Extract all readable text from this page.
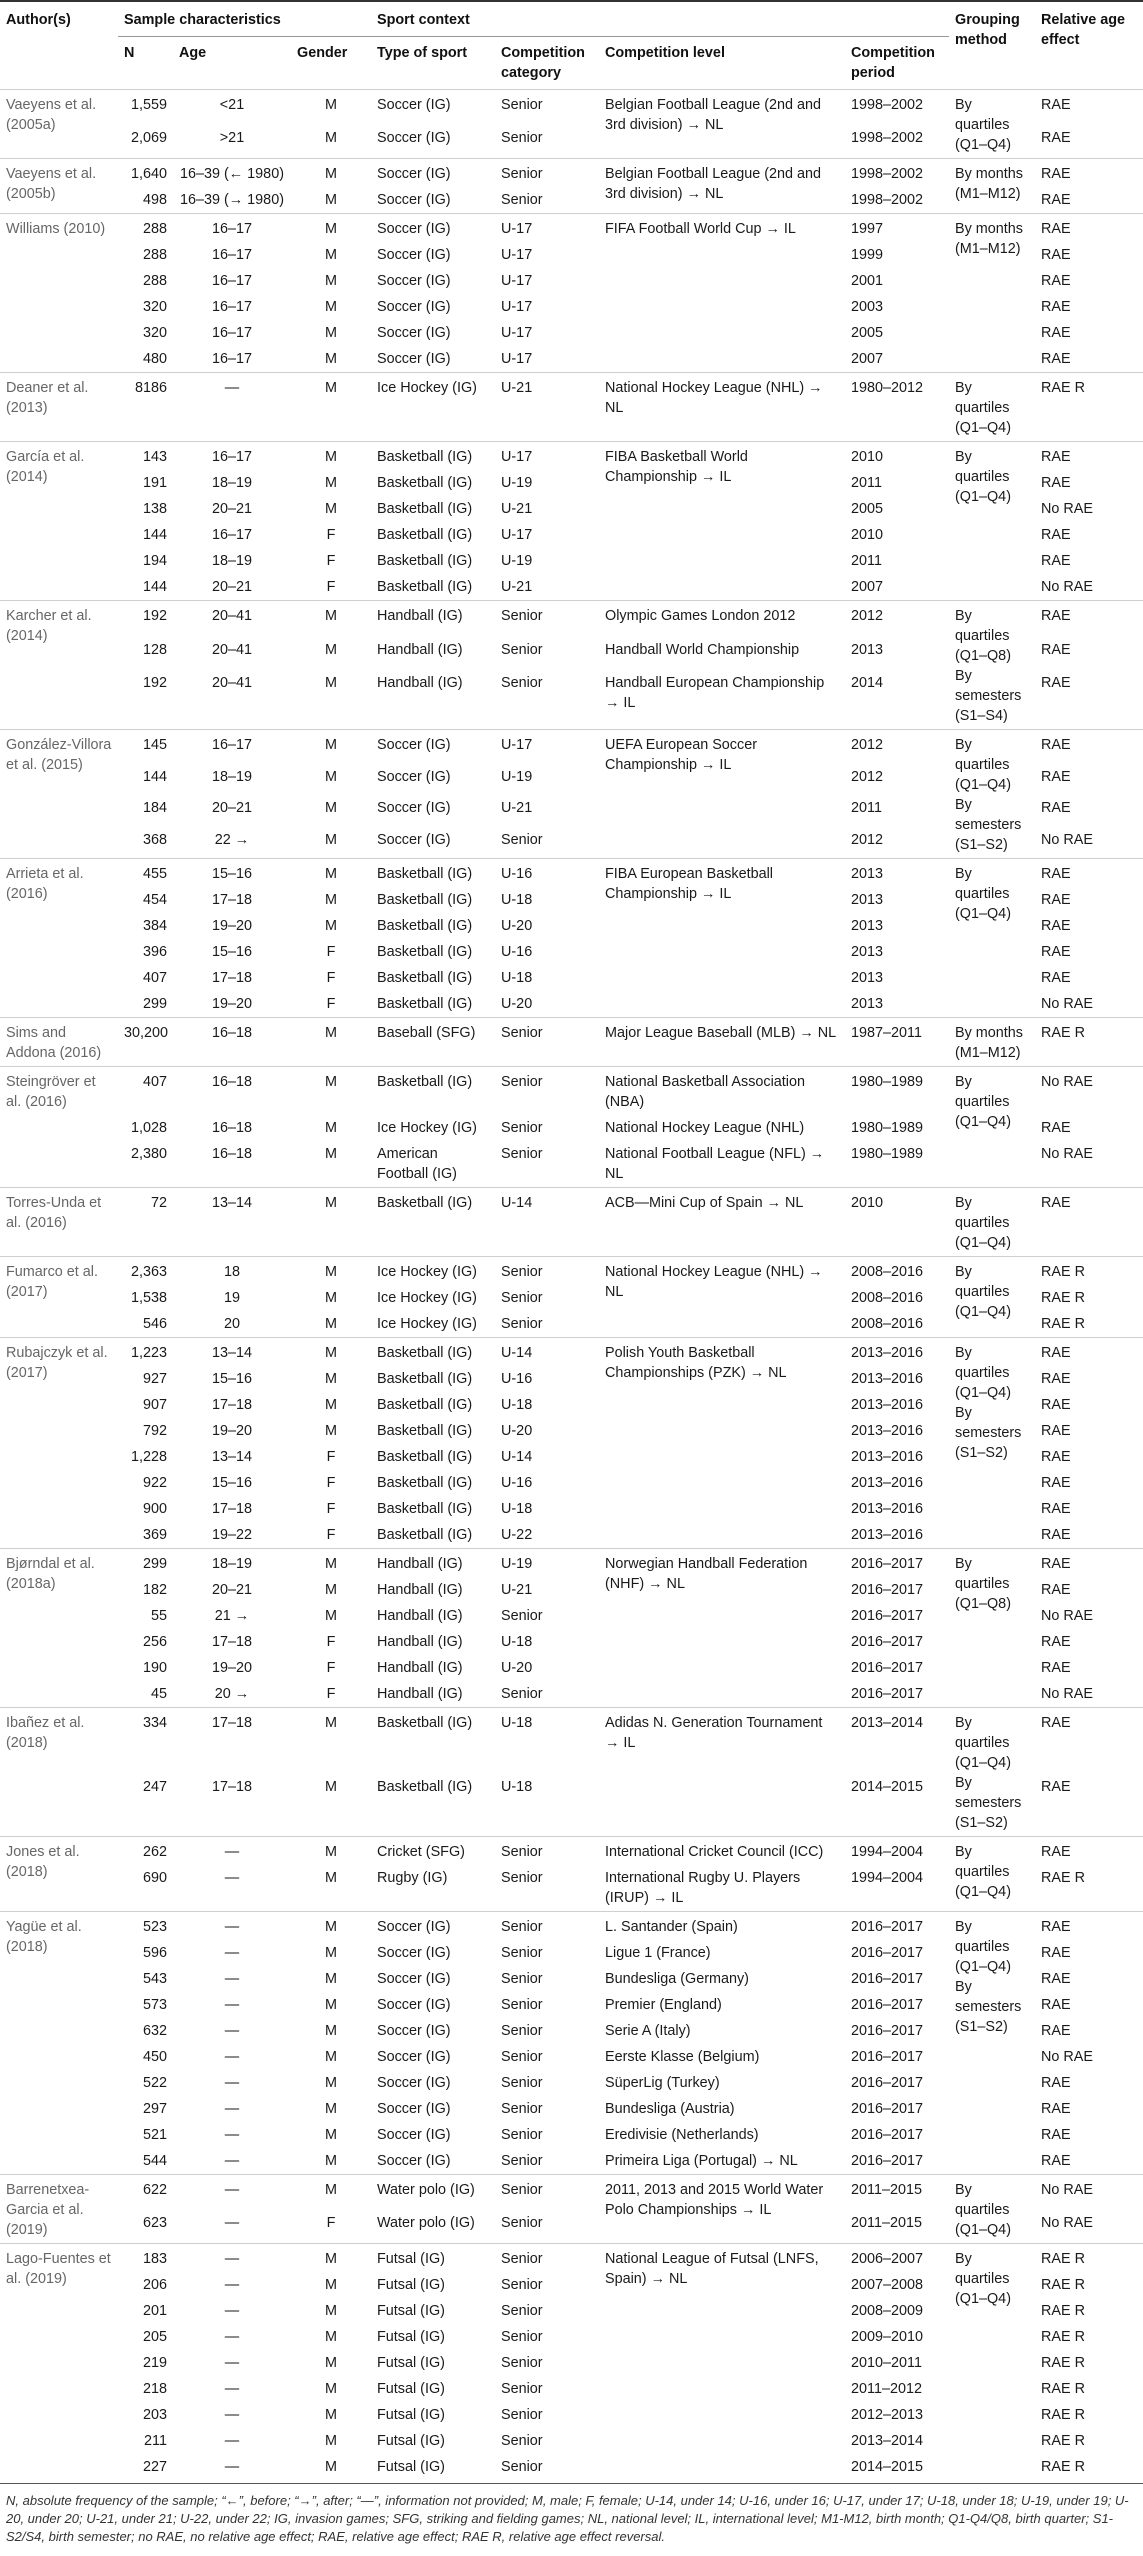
Author(s)	Sample characteristics			Sport context				Grouping method	Relative age effect
	N	Age	Gender	Type of sport	Competition category	Competition level	Competition period		
Vaeyens et al. (2005a)	1,559	<21	M	Soccer (IG)	Senior	Belgian Football League (2nd and 3rd division) → NL	1998–2002	By quartiles (Q1–Q4)	RAE
	2,069	>21	M	Soccer (IG)	Senior		1998–2002		RAE
Vaeyens et al. (2005b)	1,640	16–39 (← 1980)	M	Soccer (IG)	Senior	Belgian Football League (2nd and 3rd division) → NL	1998–2002	By months (M1–M12)	RAE
	498	16–39 (→ 1980)	M	Soccer (IG)	Senior		1998–2002		RAE
Williams (2010)	288	16–17	M	Soccer (IG)	U-17	FIFA Football World Cup → IL	1997	By months (M1–M12)	RAE
	288	16–17	M	Soccer (IG)	U-17		1999		RAE
	288	16–17	M	Soccer (IG)	U-17		2001		RAE
	320	16–17	M	Soccer (IG)	U-17		2003		RAE
	320	16–17	M	Soccer (IG)	U-17		2005		RAE
	480	16–17	M	Soccer (IG)	U-17		2007		RAE
Deaner et al. (2013)	8186	—	M	Ice Hockey (IG)	U-21	National Hockey League (NHL) → NL	1980–2012	By quartiles (Q1–Q4)	RAE R
García et al. (2014)	143	16–17	M	Basketball (IG)	U-17	FIBA Basketball World Championship → IL	2010	By quartiles (Q1–Q4)	RAE
	191	18–19	M	Basketball (IG)	U-19		2011		RAE
	138	20–21	M	Basketball (IG)	U-21		2005		No RAE
	144	16–17	F	Basketball (IG)	U-17		2010		RAE
	194	18–19	F	Basketball (IG)	U-19		2011		RAE
	144	20–21	F	Basketball (IG)	U-21		2007		No RAE
Karcher et al. (2014)	192	20–41	M	Handball (IG)	Senior	Olympic Games London 2012	2012	By quartiles (Q1–Q8) By semesters (S1–S4)	RAE
	128	20–41	M	Handball (IG)	Senior	Handball World Championship	2013		RAE
	192	20–41	M	Handball (IG)	Senior	Handball European Championship → IL	2014		RAE
González-Villora et al. (2015)	145	16–17	M	Soccer (IG)	U-17	UEFA European Soccer Championship → IL	2012	By quartiles (Q1–Q4) By semesters (S1–S2)	RAE
	144	18–19	M	Soccer (IG)	U-19		2012		RAE
	184	20–21	M	Soccer (IG)	U-21		2011		RAE
	368	22 →	M	Soccer (IG)	Senior		2012		No RAE
Arrieta et al. (2016)	455	15–16	M	Basketball (IG)	U-16	FIBA European Basketball Championship → IL	2013	By quartiles (Q1–Q4)	RAE
	454	17–18	M	Basketball (IG)	U-18		2013		RAE
	384	19–20	M	Basketball (IG)	U-20		2013		RAE
	396	15–16	F	Basketball (IG)	U-16		2013		RAE
	407	17–18	F	Basketball (IG)	U-18		2013		RAE
	299	19–20	F	Basketball (IG)	U-20		2013		No RAE
Sims and Addona (2016)	30,200	16–18	M	Baseball (SFG)	Senior	Major League Baseball (MLB) → NL	1987–2011	By months (M1–M12)	RAE R
Steingröver et al. (2016)	407	16–18	M	Basketball (IG)	Senior	National Basketball Association (NBA)	1980–1989	By quartiles (Q1–Q4)	No RAE
	1,028	16–18	M	Ice Hockey (IG)	Senior	National Hockey League (NHL)	1980–1989		RAE
	2,380	16–18	M	American Football (IG)	Senior	National Football League (NFL) → NL	1980–1989		No RAE
Torres-Unda et al. (2016)	72	13–14	M	Basketball (IG)	U-14	ACB—Mini Cup of Spain → NL	2010	By quartiles (Q1–Q4)	RAE
Fumarco et al. (2017)	2,363	18	M	Ice Hockey (IG)	Senior	National Hockey League (NHL) → NL	2008–2016	By quartiles (Q1–Q4)	RAE R
	1,538	19	M	Ice Hockey (IG)	Senior		2008–2016		RAE R
	546	20	M	Ice Hockey (IG)	Senior		2008–2016		RAE R
Rubajczyk et al. (2017)	1,223	13–14	M	Basketball (IG)	U-14	Polish Youth Basketball Championships (PZK) → NL	2013–2016	By quartiles (Q1–Q4) By semesters (S1–S2)	RAE
	927	15–16	M	Basketball (IG)	U-16		2013–2016		RAE
	907	17–18	M	Basketball (IG)	U-18		2013–2016		RAE
	792	19–20	M	Basketball (IG)	U-20		2013–2016		RAE
	1,228	13–14	F	Basketball (IG)	U-14		2013–2016		RAE
	922	15–16	F	Basketball (IG)	U-16		2013–2016		RAE
	900	17–18	F	Basketball (IG)	U-18		2013–2016		RAE
	369	19–22	F	Basketball (IG)	U-22		2013–2016		RAE
Bjørndal et al. (2018a)	299	18–19	M	Handball (IG)	U-19	Norwegian Handball Federation (NHF) → NL	2016–2017	By quartiles (Q1–Q8)	RAE
	182	20–21	M	Handball (IG)	U-21		2016–2017		RAE
	55	21 →	M	Handball (IG)	Senior		2016–2017		No RAE
	256	17–18	F	Handball (IG)	U-18		2016–2017		RAE
	190	19–20	F	Handball (IG)	U-20		2016–2017		RAE
	45	20 →	F	Handball (IG)	Senior		2016–2017		No RAE
Ibañez et al. (2018)	334	17–18	M	Basketball (IG)	U-18	Adidas N. Generation Tournament → IL	2013–2014	By quartiles (Q1–Q4) By semesters (S1–S2)	RAE
	247	17–18	M	Basketball (IG)	U-18		2014–2015		RAE
Jones et al. (2018)	262	—	M	Cricket (SFG)	Senior	International Cricket Council (ICC)	1994–2004	By quartiles (Q1–Q4)	RAE
	690	—	M	Rugby (IG)	Senior	International Rugby U. Players (IRUP) → IL	1994–2004		RAE R
Yagüe et al. (2018)	523	—	M	Soccer (IG)	Senior	L. Santander (Spain)	2016–2017	By quartiles (Q1–Q4) By semesters (S1–S2)	RAE
	596	—	M	Soccer (IG)	Senior	Ligue 1 (France)	2016–2017		RAE
	543	—	M	Soccer (IG)	Senior	Bundesliga (Germany)	2016–2017		RAE
	573	—	M	Soccer (IG)	Senior	Premier (England)	2016–2017		RAE
	632	—	M	Soccer (IG)	Senior	Serie A (Italy)	2016–2017		RAE
	450	—	M	Soccer (IG)	Senior	Eerste Klasse (Belgium)	2016–2017		No RAE
	522	—	M	Soccer (IG)	Senior	SüperLig (Turkey)	2016–2017		RAE
	297	—	M	Soccer (IG)	Senior	Bundesliga (Austria)	2016–2017		RAE
	521	—	M	Soccer (IG)	Senior	Eredivisie (Netherlands)	2016–2017		RAE
	544	—	M	Soccer (IG)	Senior	Primeira Liga (Portugal) → NL	2016–2017		RAE
Barrenetxea-Garcia et al. (2019)	622	—	M	Water polo (IG)	Senior	2011, 2013 and 2015 World Water Polo Championships → IL	2011–2015	By quartiles (Q1–Q4)	No RAE
	623	—	F	Water polo (IG)	Senior		2011–2015		No RAE
Lago-Fuentes et al. (2019)	183	—	M	Futsal (IG)	Senior	National League of Futsal (LNFS, Spain) → NL	2006–2007	By quartiles (Q1–Q4)	RAE R
	206	—	M	Futsal (IG)	Senior		2007–2008		RAE R
	201	—	M	Futsal (IG)	Senior		2008–2009		RAE R
	205	—	M	Futsal (IG)	Senior		2009–2010		RAE R
	219	—	M	Futsal (IG)	Senior		2010–2011		RAE R
	218	—	M	Futsal (IG)	Senior		2011–2012		RAE R
	203	—	M	Futsal (IG)	Senior		2012–2013		RAE R
	211	—	M	Futsal (IG)	Senior		2013–2014		RAE R
	227	—	M	Futsal (IG)	Senior		2014–2015		RAE R

N, absolute frequency of the sample; “←”, before; “→”, after; “—”, information not provided; M, male; F, female; U-14, under 14; U-16, under 16; U-17, under 17; U-18, under 18; U-19, under 19; U-20, under 20; U-21, under 21; U-22, under 22; IG, invasion games; SFG, striking and fielding games; NL, national level; IL, international level; M1-M12, birth month; Q1-Q4/Q8, birth quarter; S1-S2/S4, birth semester; no RAE, no relative age effect; RAE, relative age effect; RAE R, relative age effect reversal.
